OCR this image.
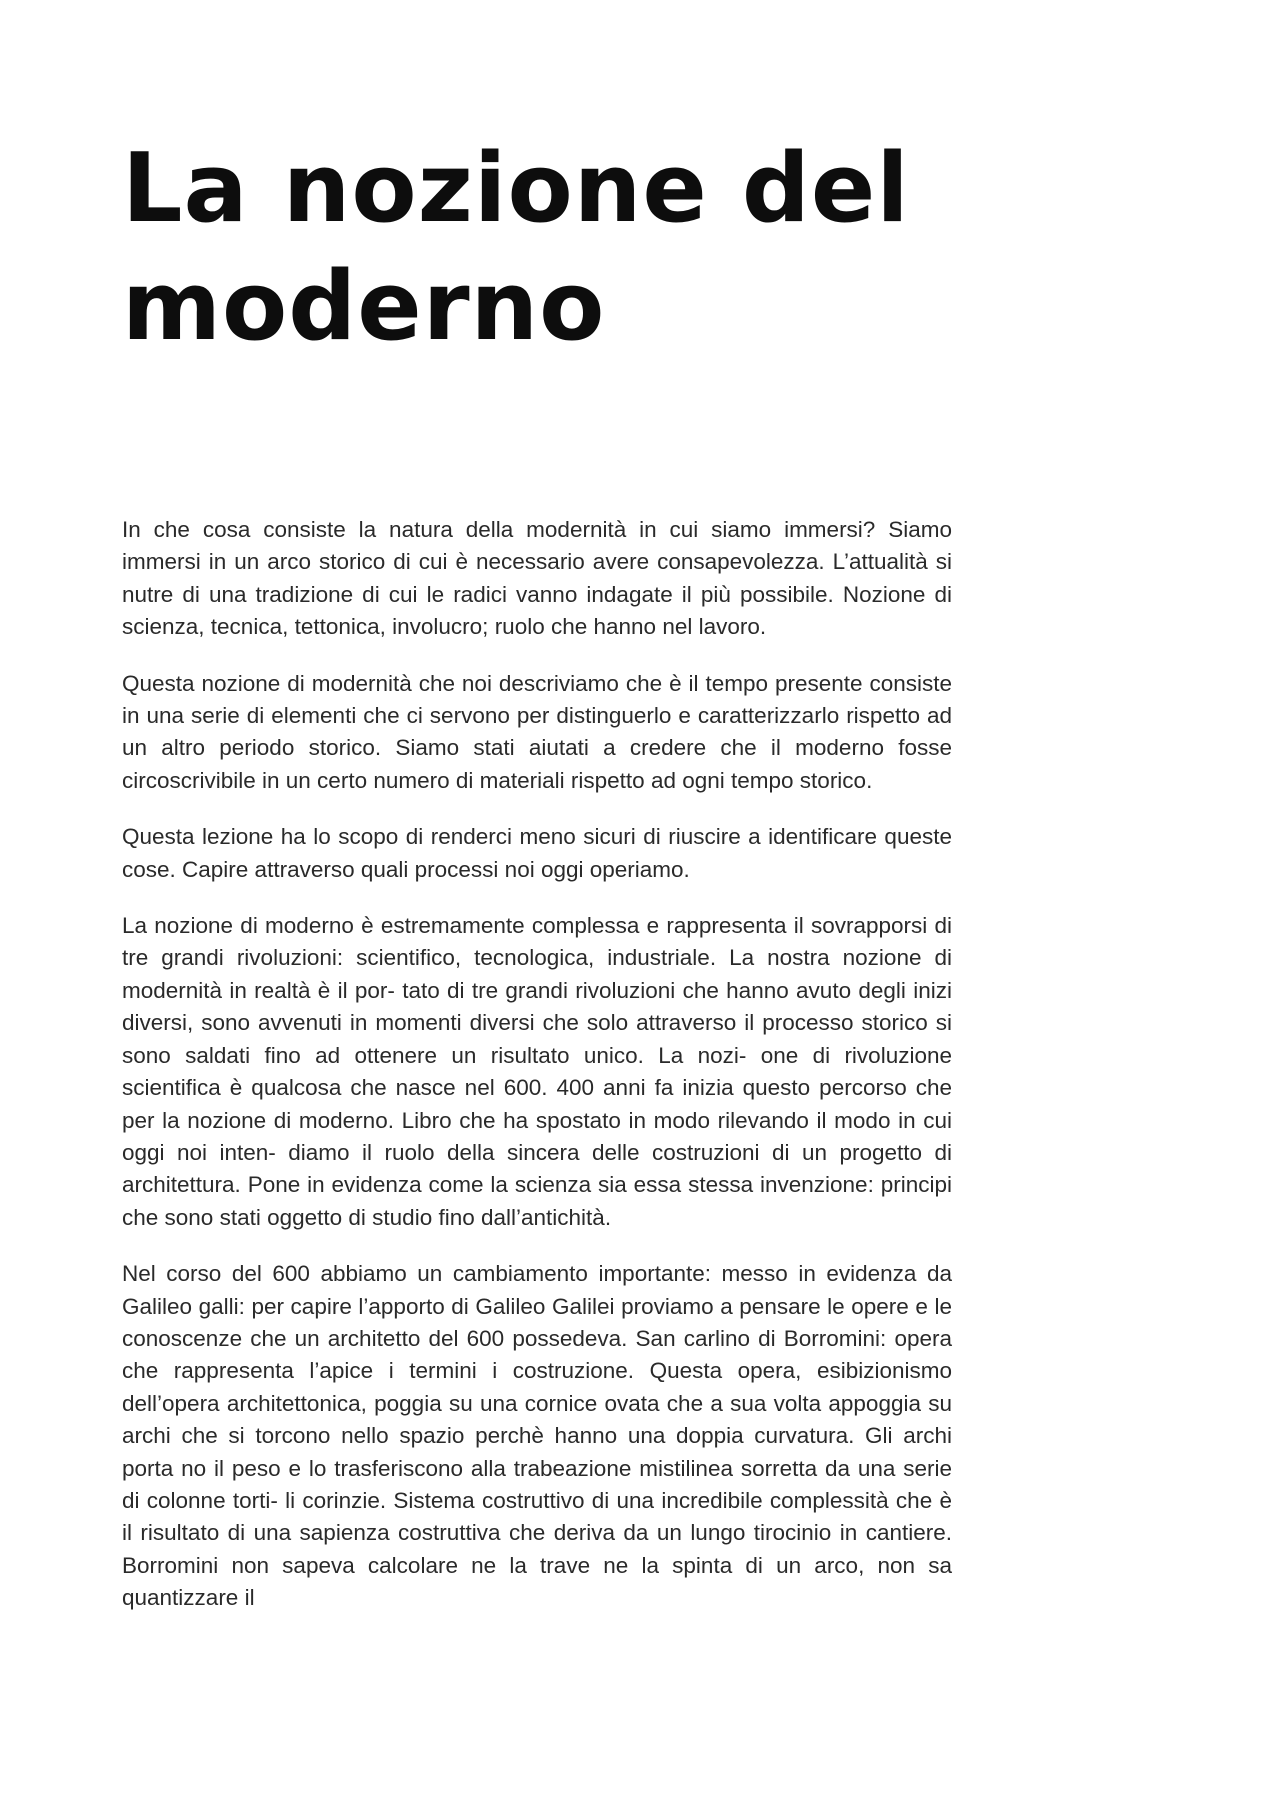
La nozione del moderno

In che cosa consiste la natura della modernità in cui siamo immersi? Siamo immersi in un arco storico di cui è necessario avere consapevolezza. L’attualità si nutre di una tradizione di cui le radici vanno indagate il più possibile. Nozione di scienza, tecnica, tettonica, involucro; ruolo che hanno nel lavoro.

Questa nozione di modernità che noi descriviamo che è il tempo presente consiste in una serie di elementi che ci servono per distinguerlo e caratterizzarlo rispetto ad un altro periodo storico. Siamo stati aiutati a credere che il moderno fosse circoscrivibile in un certo numero di materiali rispetto ad ogni tempo storico.

Questa lezione ha lo scopo di renderci meno sicuri di riuscire a identificare queste cose. Capire attraverso quali processi noi oggi operiamo.

La nozione di moderno è estremamente complessa e rappresenta il sovrapporsi di tre grandi rivoluzioni: scientifico, tecnologica, industriale. La nostra nozione di modernità in realtà è il por- tato di tre grandi rivoluzioni che hanno avuto degli inizi diversi, sono avvenuti in momenti diversi che solo attraverso il processo storico si sono saldati fino ad ottenere un risultato unico. La nozi- one di rivoluzione scientifica è qualcosa che nasce nel 600. 400 anni fa inizia questo percorso che per la nozione di moderno. Libro che ha spostato in modo rilevando il modo in cui oggi noi inten- diamo il ruolo della sincera delle costruzioni di un progetto di architettura. Pone in evidenza come la scienza sia essa stessa invenzione: principi che sono stati oggetto di studio fino dall’antichità.

Nel corso del 600 abbiamo un cambiamento importante: messo in evidenza da Galileo galli: per capire l’apporto di Galileo Galilei proviamo a pensare le opere e le conoscenze che un architetto del 600 possedeva. San carlino di Borromini: opera che rappresenta l’apice i termini i costruzione. Questa opera, esibizionismo dell’opera architettonica, poggia su una cornice ovata che a sua volta appoggia su archi che si torcono nello spazio perchè hanno una doppia curvatura. Gli archi porta no il peso e lo trasferiscono alla trabeazione mistilinea sorretta da una serie di colonne torti- li corinzie. Sistema costruttivo di una incredibile complessità che è il risultato di una sapienza costruttiva che deriva da un lungo tirocinio in cantiere. Borromini non sapeva calcolare ne la trave ne la spinta di un arco, non sa quantizzare il
